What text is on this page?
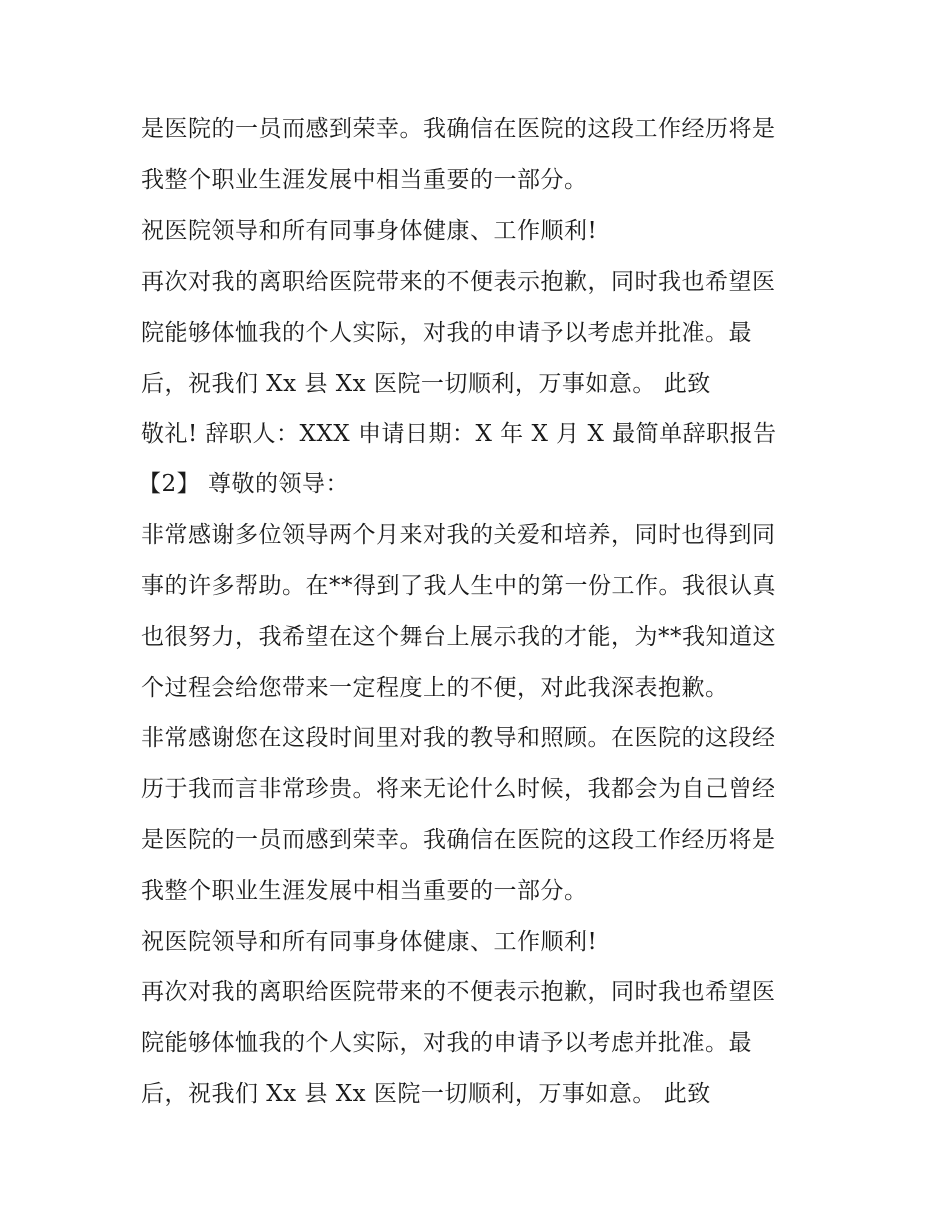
是医院的一员而感到荣幸。我确信在医院的这段工作经历将是
我整个职业生涯发展中相当重要的一部分。
祝医院领导和所有同事身体健康、工作顺利!
再次对我的离职给医院带来的不便表示抱歉，同时我也希望医
院能够体恤我的个人实际，对我的申请予以考虑并批准。最
后，祝我们 Xx 县 Xx 医院一切顺利，万事如意。 此致
敬礼! 辞职人：XXX 申请日期：X 年 X 月 X 最简单辞职报告
【2】 尊敬的领导：
非常感谢多位领导两个月来对我的关爱和培养，同时也得到同
事的许多帮助。在**得到了我人生中的第一份工作。我很认真
也很努力，我希望在这个舞台上展示我的才能，为**我知道这
个过程会给您带来一定程度上的不便，对此我深表抱歉。
非常感谢您在这段时间里对我的教导和照顾。在医院的这段经
历于我而言非常珍贵。将来无论什么时候，我都会为自己曾经
是医院的一员而感到荣幸。我确信在医院的这段工作经历将是
我整个职业生涯发展中相当重要的一部分。
祝医院领导和所有同事身体健康、工作顺利!
再次对我的离职给医院带来的不便表示抱歉，同时我也希望医
院能够体恤我的个人实际，对我的申请予以考虑并批准。最
后，祝我们 Xx 县 Xx 医院一切顺利，万事如意。 此致
